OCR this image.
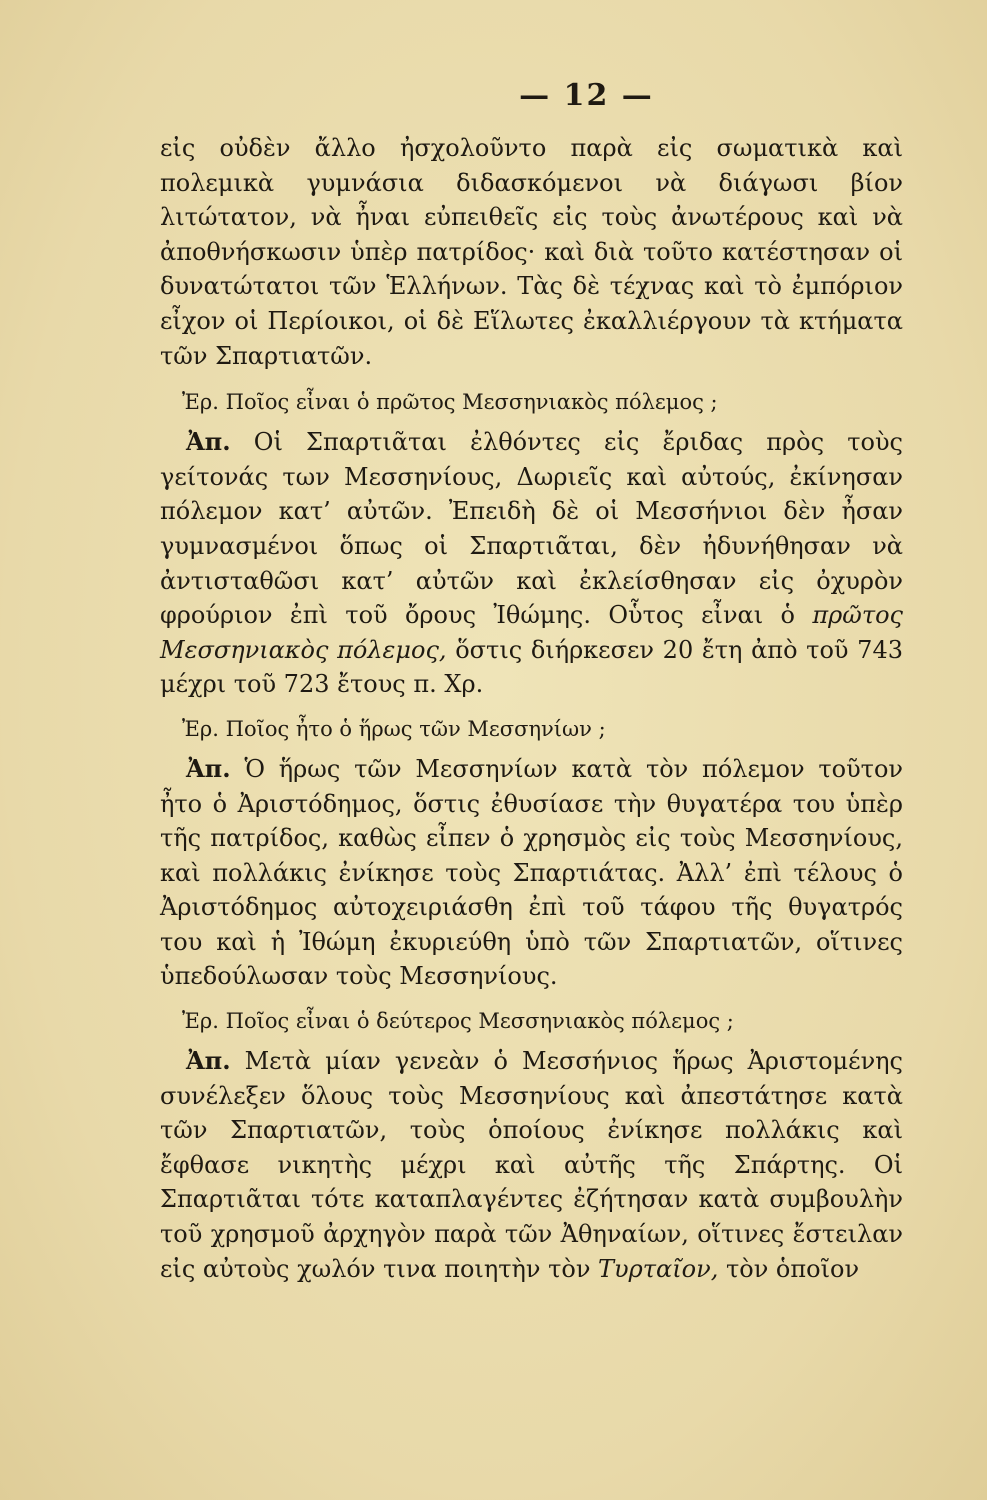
— 12 —

εἰς οὐδὲν ἄλλο ἠσχολοῦντο παρὰ εἰς σωματικὰ καὶ πολεμικὰ γυμνάσια διδασκόμενοι νὰ διάγωσι βίον λιτώτατον, νὰ ἦναι εὐπειθεῖς εἰς τοὺς ἀνωτέρους καὶ νὰ ἀποθνήσκωσιν ὑπὲρ πατρίδος· καὶ διὰ τοῦτο κατέστησαν οἱ δυνατώτατοι τῶν Ἑλλήνων. Τὰς δὲ τέχνας καὶ τὸ ἐμπόριον εἶχον οἱ Περίοικοι, οἱ δὲ Εἵλωτες ἐκαλλιέργουν τὰ κτήματα τῶν Σπαρτιατῶν.

Ἐρ. Ποῖος εἶναι ὁ πρῶτος Μεσσηνιακὸς πόλεμος ;

Ἀπ. Οἱ Σπαρτιᾶται ἐλθόντες εἰς ἔριδας πρὸς τοὺς γείτονάς των Μεσσηνίους, Δωριεῖς καὶ αὐτούς, ἐκίνησαν πόλεμον κατ’ αὐτῶν. Ἐπειδὴ δὲ οἱ Μεσσήνιοι δὲν ἦσαν γυμνασμένοι ὅπως οἱ Σπαρτιᾶται, δὲν ἠδυνήθησαν νὰ ἀντισταθῶσι κατ’ αὐτῶν καὶ ἐκλείσθησαν εἰς ὀχυρὸν φρούριον ἐπὶ τοῦ ὄρους Ἰθώμης. Οὗτος εἶναι ὁ πρῶτος Μεσσηνιακὸς πόλεμος, ὅστις διήρκεσεν 20 ἔτη ἀπὸ τοῦ 743 μέχρι τοῦ 723 ἔτους π. Χρ.

Ἐρ. Ποῖος ἦτο ὁ ἥρως τῶν Μεσσηνίων ;

Ἀπ. Ὁ ἥρως τῶν Μεσσηνίων κατὰ τὸν πόλεμον τοῦτον ἦτο ὁ Ἀριστόδημος, ὅστις ἐθυσίασε τὴν θυγατέρα του ὑπὲρ τῆς πατρίδος, καθὼς εἶπεν ὁ χρησμὸς εἰς τοὺς Μεσσηνίους, καὶ πολλάκις ἐνίκησε τοὺς Σπαρτιάτας. Ἀλλ’ ἐπὶ τέλους ὁ Ἀριστόδημος αὐτοχειριάσθη ἐπὶ τοῦ τάφου τῆς θυγατρός του καὶ ἡ Ἰθώμη ἐκυριεύθη ὑπὸ τῶν Σπαρτιατῶν, οἵτινες ὑπεδούλωσαν τοὺς Μεσσηνίους.

Ἐρ. Ποῖος εἶναι ὁ δεύτερος Μεσσηνιακὸς πόλεμος ;

Ἀπ. Μετὰ μίαν γενεὰν ὁ Μεσσήνιος ἥρως Ἀριστομένης συνέλεξεν ὅλους τοὺς Μεσσηνίους καὶ ἀπεστάτησε κατὰ τῶν Σπαρτιατῶν, τοὺς ὁποίους ἐνίκησε πολλάκις καὶ ἔφθασε νικητὴς μέχρι καὶ αὐτῆς τῆς Σπάρτης. Οἱ Σπαρτιᾶται τότε καταπλαγέντες ἐζήτησαν κατὰ συμβουλὴν τοῦ χρησμοῦ ἀρχηγὸν παρὰ τῶν Ἀθηναίων, οἵτινες ἔστειλαν εἰς αὐτοὺς χωλόν τινα ποιητὴν τὸν Τυρταῖον, τὸν ὁποῖον
